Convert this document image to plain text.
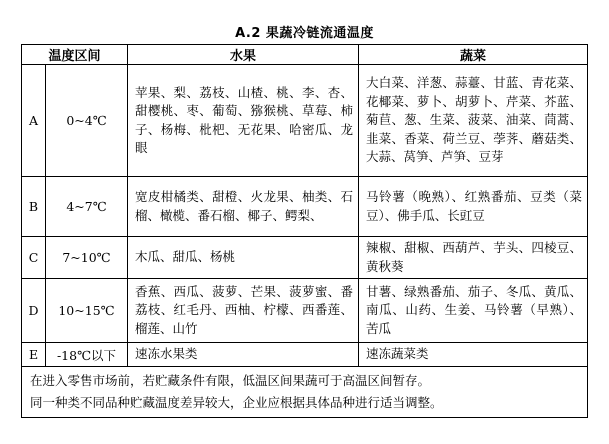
A.2 果蔬冷链流通温度
温度区间		水果	蔬菜
A	0~4℃	苹果、梨、荔枝、山楂、桃、李、杏、甜樱桃、枣、葡萄、猕猴桃、草莓、柿子、杨梅、枇杷、无花果、哈密瓜、龙眼	大白菜、洋葱、蒜薹、甘蓝、青花菜、花椰菜、萝卜、胡萝卜、芹菜、芥蓝、菊苣、葱、生菜、菠菜、油菜、茼蒿、韭菜、香菜、荷兰豆、荸荠、蘑菇类、大蒜、莴笋、芦笋、豆芽
B	4~7℃	宽皮柑橘类、甜橙、火龙果、柚类、石榴、橄榄、番石榴、椰子、鳄梨、	马铃薯（晚熟）、红熟番茄、豆类（菜豆）、佛手瓜、长豇豆
C	7~10℃	木瓜、甜瓜、杨桃	辣椒、甜椒、西葫芦、芋头、四棱豆、黄秋葵
D	10~15℃	香蕉、西瓜、菠萝、芒果、菠萝蜜、番荔枝、红毛丹、西柚、柠檬、西番莲、榴莲、山竹	甘薯、绿熟番茄、茄子、冬瓜、黄瓜、南瓜、山药、生姜、马铃薯（早熟）、苦瓜
E	-18℃以下	速冻水果类	速冻蔬菜类

在进入零售市场前，若贮藏条件有限，低温区间果蔬可于高温区间暂存。
同一种类不同品种贮藏温度差异较大，企业应根据具体品种进行适当调整。			
